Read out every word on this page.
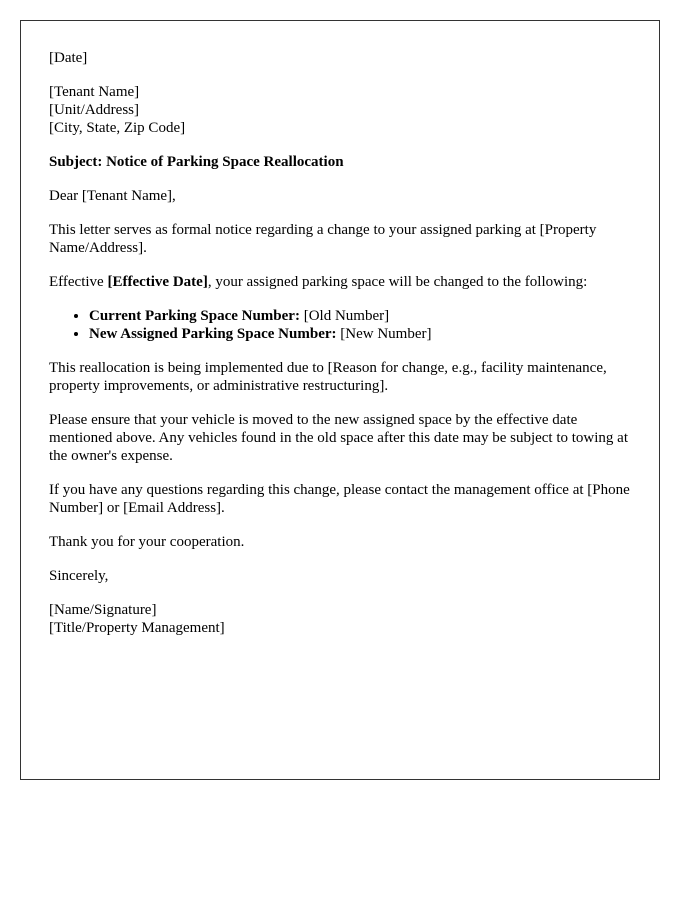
[Date]

[Tenant Name]
[Unit/Address]
[City, State, Zip Code]

Subject: Notice of Parking Space Reallocation

Dear [Tenant Name],

This letter serves as formal notice regarding a change to your assigned parking at [Property Name/Address].

Effective [Effective Date], your assigned parking space will be changed to the following:

• Current Parking Space Number: [Old Number]
• New Assigned Parking Space Number: [New Number]

This reallocation is being implemented due to [Reason for change, e.g., facility maintenance, property improvements, or administrative restructuring].

Please ensure that your vehicle is moved to the new assigned space by the effective date mentioned above. Any vehicles found in the old space after this date may be subject to towing at the owner's expense.

If you have any questions regarding this change, please contact the management office at [Phone Number] or [Email Address].

Thank you for your cooperation.

Sincerely,

[Name/Signature]
[Title/Property Management]
